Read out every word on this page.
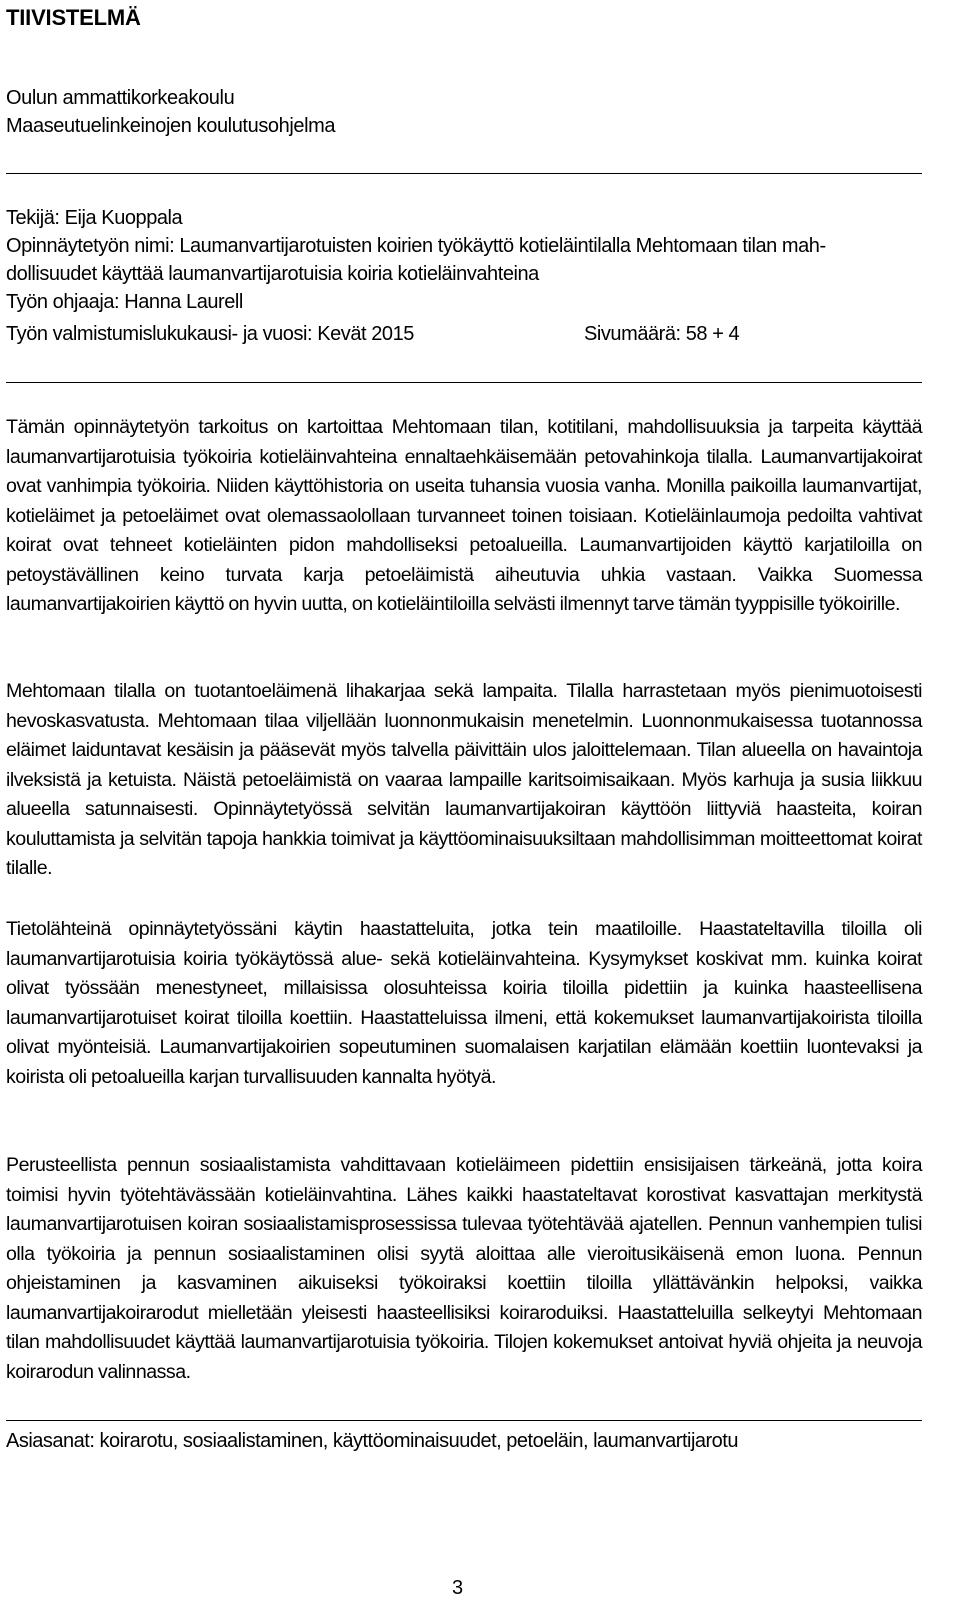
TIIVISTELMÄ
Oulun ammattikorkeakoulu
Maaseutuelinkeinojen koulutusohjelma
Tekijä: Eija Kuoppala
Opinnäytetyön nimi: Laumanvartijarotuisten koirien työkäyttö kotieläintilalla Mehtomaan tilan mah-
dollisuudet käyttää laumanvartijarotuisia koiria kotieläinvahteina
Työn ohjaaja: Hanna Laurell
Työn valmistumislukukausi- ja vuosi: Kevät 2015	Sivumäärä: 58 + 4
Tämän opinnäytetyön tarkoitus on kartoittaa Mehtomaan tilan, kotitilani, mahdollisuuksia ja tarpeita käyttää laumanvartijarotuisia työkoiria kotieläinvahteina ennaltaehkäisemään petovahinkoja tilalla. Laumanvartijakoirat ovat vanhimpia työkoiria. Niiden käyttöhistoria on useita tuhansia vuosia vanha. Monilla paikoilla laumanvartijat, kotieläimet ja petoeläimet ovat olemassaolollaan turvanneet toinen toisiaan. Kotieläinlaumoja pedoilta vahtivat koirat ovat tehneet kotieläinten pidon mahdolliseksi petoalueilla. Laumanvartijoiden käyttö karjatiloilla on petoystävällinen keino turvata karja petoeläimistä aiheutuvia uhkia vastaan. Vaikka Suomessa laumanvartijakoirien käyttö on hyvin uutta, on kotieläintiloilla selvästi ilmennyt tarve tämän tyyppisille työkoirille.
Mehtomaan tilalla on tuotantoeläimenä lihakarjaa sekä lampaita. Tilalla harrastetaan myös pienimuotoisesti hevoskasvatusta. Mehtomaan tilaa viljellään luonnonmukaisin menetelmin. Luonnonmukaisessa tuotannossa eläimet laiduntavat kesäisin ja pääsevät myös talvella päivittäin ulos jaloittelemaan. Tilan alueella on havaintoja ilveksistä ja ketuista. Näistä petoeläimistä on vaaraa lampaille karitsoimisaikaan. Myös karhuja ja susia liikkuu alueella satunnaisesti. Opinnäytetyössä selvitän laumanvartijakoiran käyttöön liittyviä haasteita, koiran kouluttamista ja selvitän tapoja hankkia toimivat ja käyttöominaisuuksiltaan mahdollisimman moitteettomat koirat tilalle.
Tietolähteinä opinnäytetyössäni käytin haastatteluita, jotka tein maatiloille. Haastateltavilla tiloilla oli laumanvartijarotuisia koiria työkäytössä alue- sekä kotieläinvahteina. Kysymykset koskivat mm. kuinka koirat olivat työssään menestyneet, millaisissa olosuhteissa koiria tiloilla pidettiin ja kuinka haasteellisena laumanvartijarotuiset koirat tiloilla koettiin. Haastatteluissa ilmeni, että kokemukset laumanvartijakoirista tiloilla olivat myönteisiä. Laumanvartijakoirien sopeutuminen suomalaisen karjatilan elämään koettiin luontevaksi ja koirista oli petoalueilla karjan turvallisuuden kannalta hyötyä.
Perusteellista pennun sosiaalistamista vahdittavaan kotieläimeen pidettiin ensisijaisen tärkeänä, jotta koira toimisi hyvin työtehtävässään kotieläinvahtina. Lähes kaikki haastateltavat korostivat kasvattajan merkitystä laumanvartijarotuisen koiran sosiaalistamisprosessissa tulevaa työtehtävää ajatellen. Pennun vanhempien tulisi olla työkoiria ja pennun sosiaalistaminen olisi syytä aloittaa alle vieroitusikäisenä emon luona. Pennun ohjeistaminen ja kasvaminen aikuiseksi työkoiraksi koettiin tiloilla yllättävänkin helpoksi, vaikka laumanvartijakoirarodut mielletään yleisesti haasteellisiksi koiraroduiksi. Haastatteluilla selkeytyi Mehtomaan tilan mahdollisuudet käyttää laumanvartijarotuisia työkoiria. Tilojen kokemukset antoivat hyviä ohjeita ja neuvoja koirarodun valinnassa.
Asiasanat: koirarotu, sosiaalistaminen, käyttöominaisuudet, petoeläin, laumanvartijarotu
3
